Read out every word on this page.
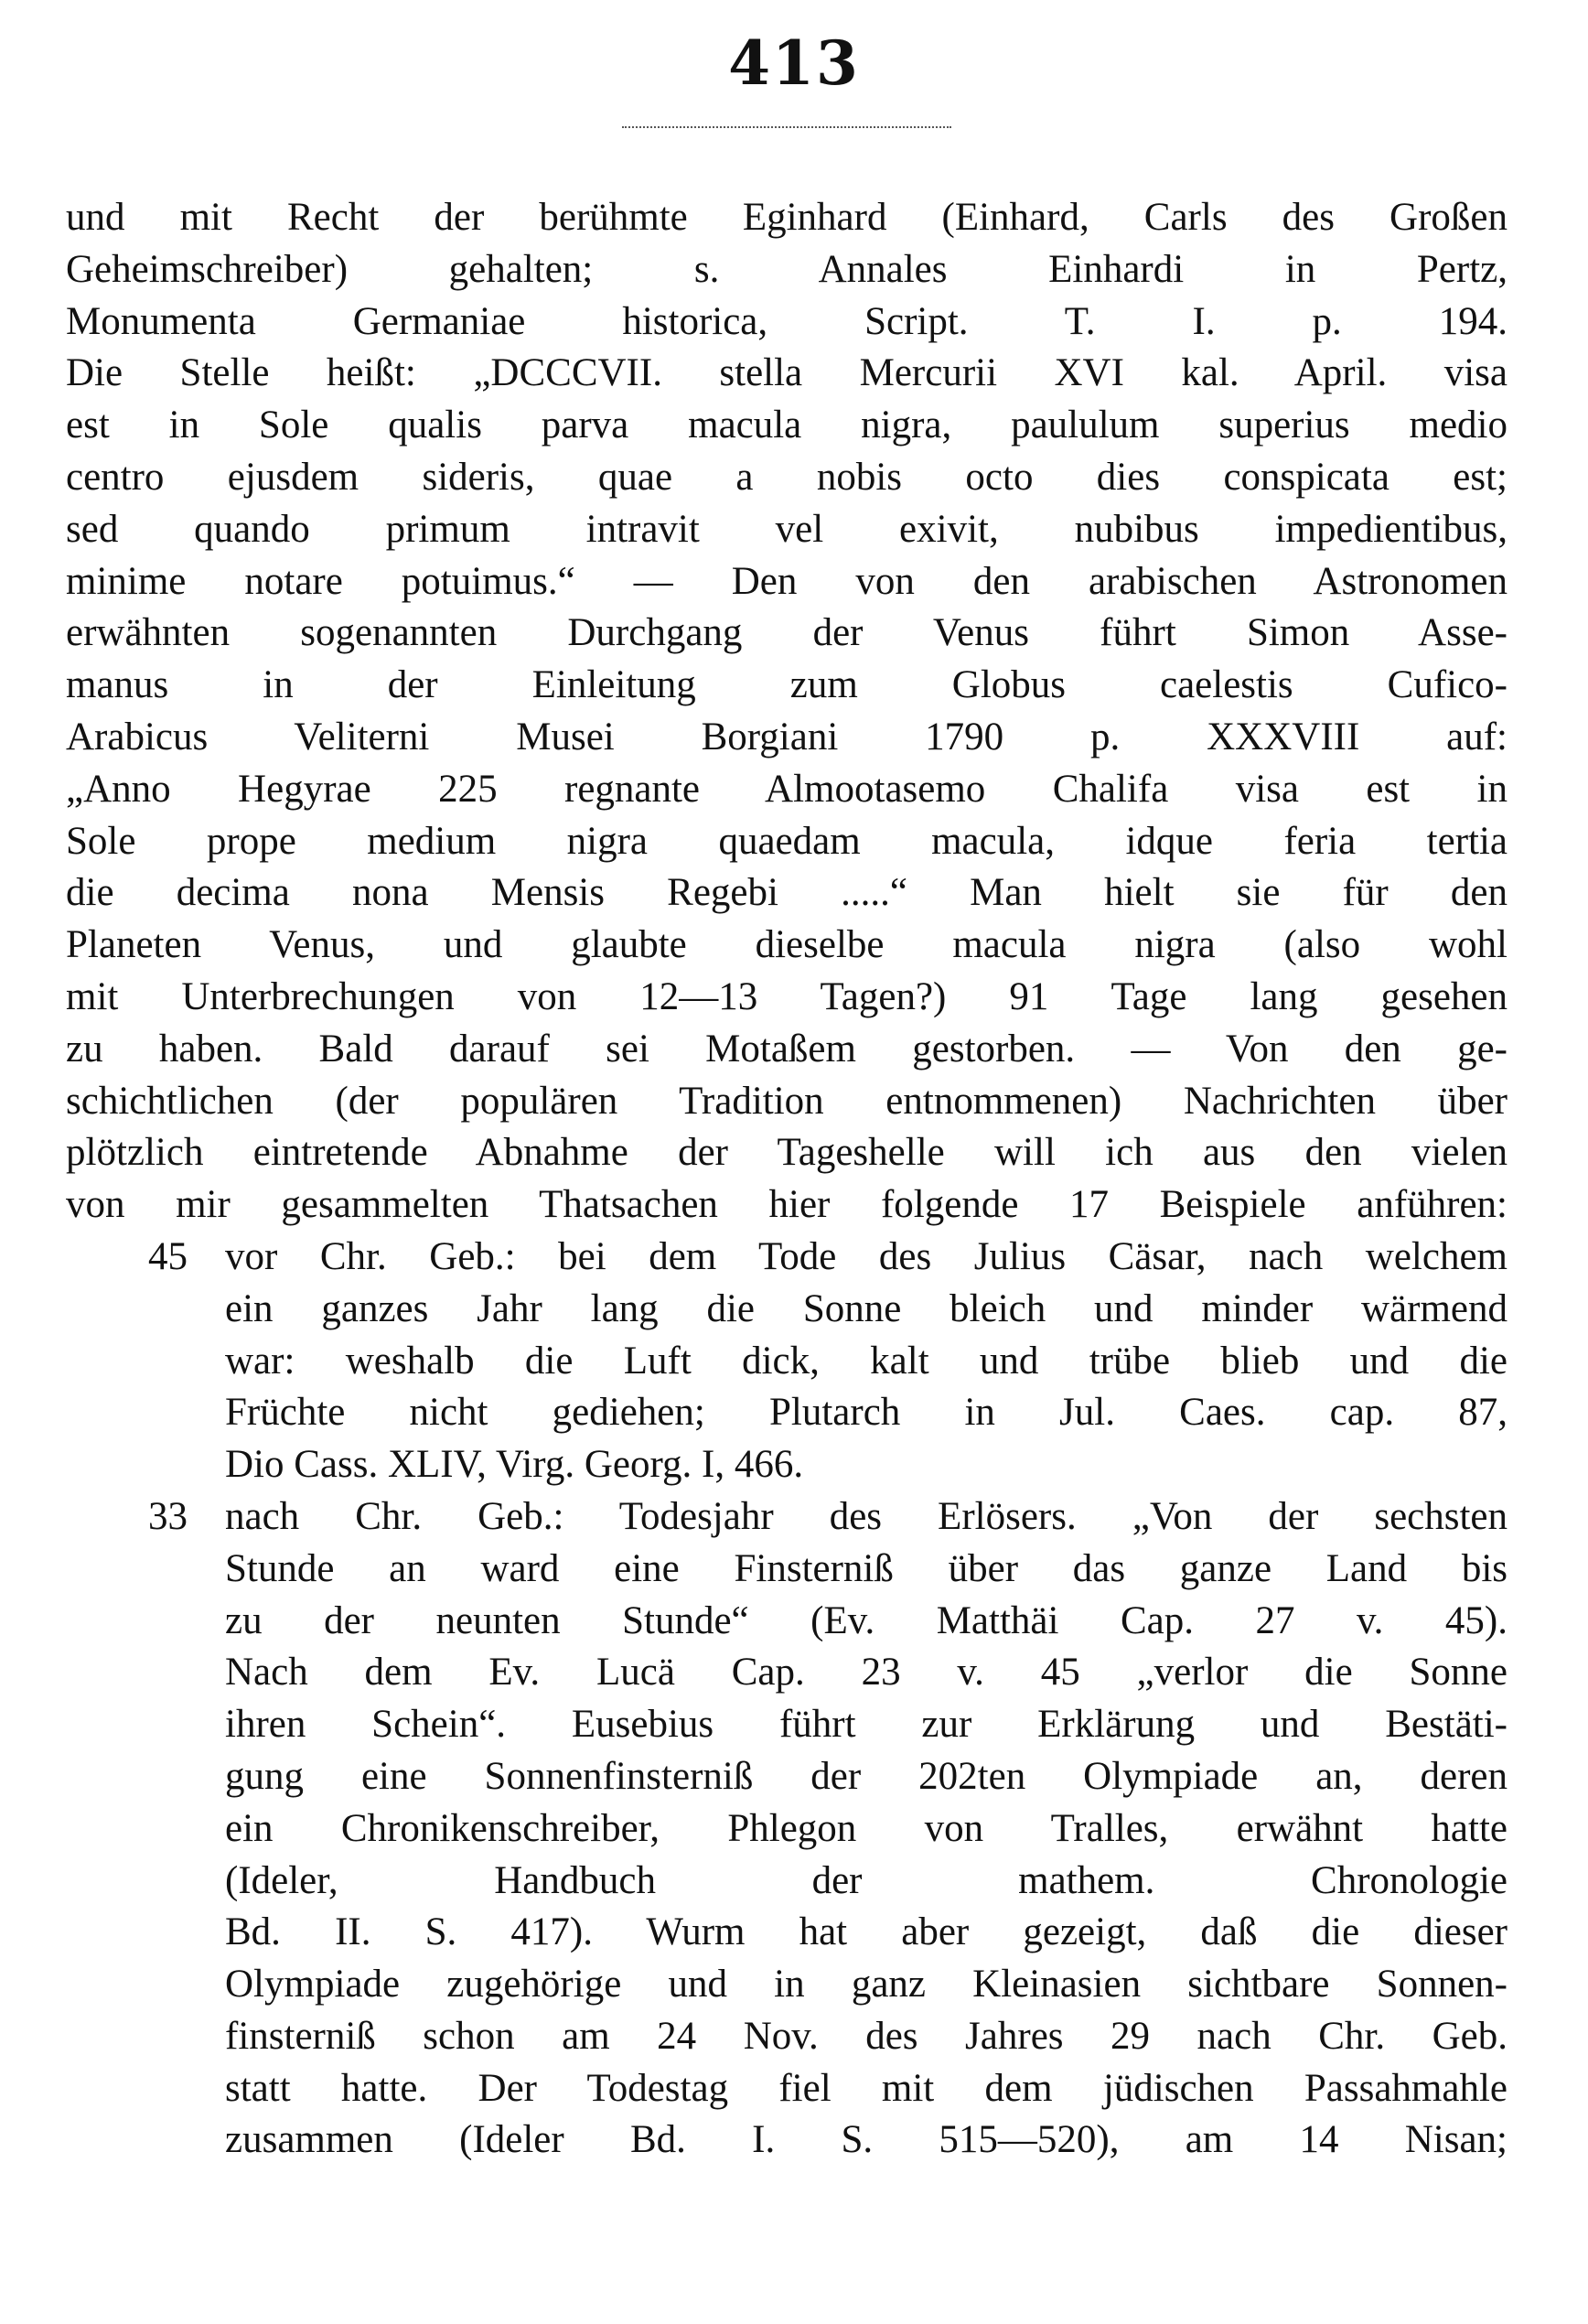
413
und mit Recht der berühmte Eginhard (Einhard, Carls des Großen
Geheimschreiber) gehalten; s. Annales Einhardi in Pertz,
Monumenta Germaniae historica, Script. T. I. p. 194.
Die Stelle heißt: „DCCCVII. stella Mercurii XVI kal. April. visa
est in Sole qualis parva macula nigra, paululum superius medio
centro ejusdem sideris, quae a nobis octo dies conspicata est;
sed quando primum intravit vel exivit, nubibus impedientibus,
minime notare potuimus.“ — Den von den arabischen Astronomen
erwähnten sogenannten Durchgang der Venus führt Simon Asse-
manus in der Einleitung zum Globus caelestis Cufico-
Arabicus Veliterni Musei Borgiani 1790 p. XXXVIII auf:
„Anno Hegyrae 225 regnante Almootasemo Chalifa visa est in
Sole prope medium nigra quaedam macula, idque feria tertia
die decima nona Mensis Regebi .....“ Man hielt sie für den
Planeten Venus, und glaubte dieselbe macula nigra (also wohl
mit Unterbrechungen von 12—13 Tagen?) 91 Tage lang gesehen
zu haben. Bald darauf sei Motaßem gestorben. — Von den ge-
schichtlichen (der populären Tradition entnommenen) Nachrichten über
plötzlich eintretende Abnahme der Tageshelle will ich aus den vielen
von mir gesammelten Thatsachen hier folgende 17 Beispiele anführen:
45 vor Chr. Geb.: bei dem Tode des Julius Cäsar, nach welchem
ein ganzes Jahr lang die Sonne bleich und minder wärmend
war: weshalb die Luft dick, kalt und trübe blieb und die
Früchte nicht gediehen; Plutarch in Jul. Caes. cap. 87,
Dio Cass. XLIV, Virg. Georg. I, 466.
33 nach Chr. Geb.: Todesjahr des Erlösers. „Von der sechsten
Stunde an ward eine Finsterniß über das ganze Land bis
zu der neunten Stunde“ (Ev. Matthäi Cap. 27 v. 45).
Nach dem Ev. Lucä Cap. 23 v. 45 „verlor die Sonne
ihren Schein“. Eusebius führt zur Erklärung und Bestäti-
gung eine Sonnenfinsterniß der 202ten Olympiade an, deren
ein Chronikenschreiber, Phlegon von Tralles, erwähnt hatte
(Ideler, Handbuch der mathem. Chronologie
Bd. II. S. 417). Wurm hat aber gezeigt, daß die dieser
Olympiade zugehörige und in ganz Kleinasien sichtbare Sonnen-
finsterniß schon am 24 Nov. des Jahres 29 nach Chr. Geb.
statt hatte. Der Todestag fiel mit dem jüdischen Passahmahle
zusammen (Ideler Bd. I. S. 515—520), am 14 Nisan;
